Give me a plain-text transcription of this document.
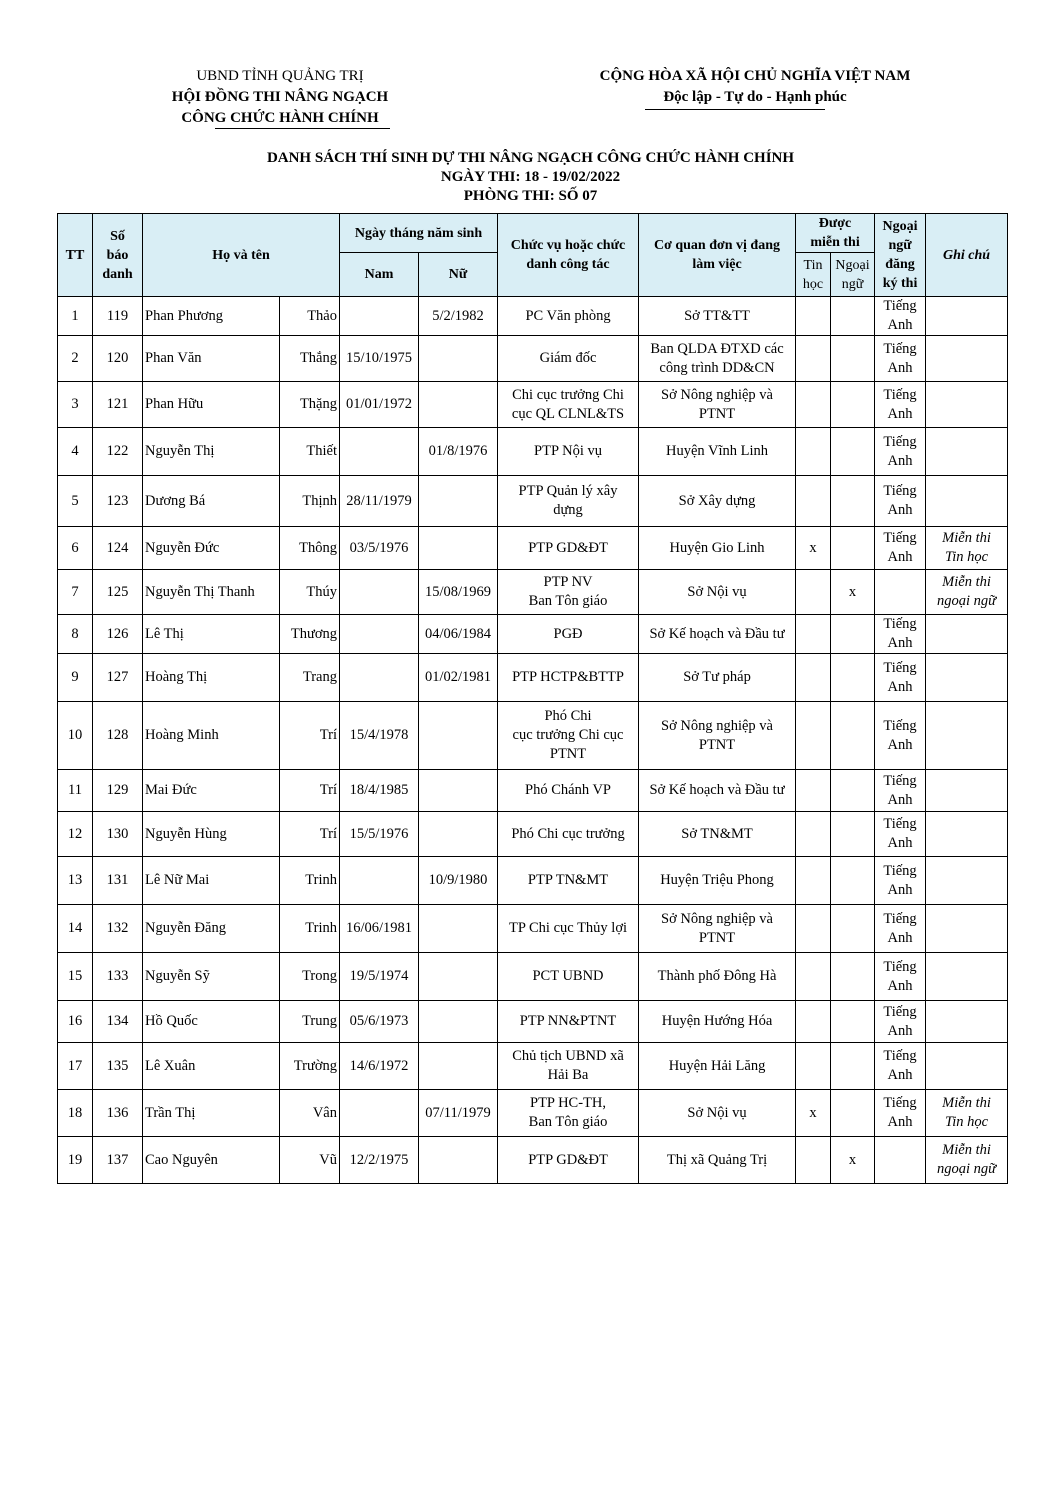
UBND TỈNH QUẢNG TRỊ
HỘI ĐỒNG THI NÂNG NGẠCH
CÔNG CHỨC HÀNH CHÍNH
CỘNG HÒA XÃ HỘI CHỦ NGHĨA VIỆT NAM
Độc lập - Tự do - Hạnh phúc
DANH SÁCH THÍ SINH DỰ THI NÂNG NGẠCH CÔNG CHỨC HÀNH CHÍNH
NGÀY THI: 18 - 19/02/2022
PHÒNG THI: SỐ 07
TT	Số
báo
danh	Họ và tên		Ngày tháng năm sinh		Chức vụ hoặc chức
danh công tác	Cơ quan đơn vị đang
làm việc	Được
miễn thi		Ngoại
ngữ
đăng
ký thi	Ghi chú
				Nam	Nữ			Tin
học	Ngoại
ngữ		
1	119	Phan Phương	Thảo		5/2/1982	PC Văn phòng	Sở TT&TT			Tiếng
Anh	
2	120	Phan Văn	Thắng	15/10/1975		Giám đốc	Ban QLDA ĐTXD các
công trình DD&CN			Tiếng
Anh	
3	121	Phan Hữu	Thặng	01/01/1972		Chi cục trưởng Chi
cục QL CLNL&TS	Sở Nông nghiệp và
PTNT			Tiếng
Anh	
4	122	Nguyễn Thị	Thiết		01/8/1976	PTP Nội vụ	Huyện Vĩnh Linh			Tiếng
Anh	
5	123	Dương Bá	Thịnh	28/11/1979		PTP Quản lý xây
dựng	Sở Xây dựng			Tiếng
Anh	
6	124	Nguyễn Đức	Thông	03/5/1976		PTP GD&ĐT	Huyện Gio Linh	x		Tiếng
Anh	Miễn thi
Tin học
7	125	Nguyễn Thị Thanh	Thúy		15/08/1969	PTP NV
Ban Tôn giáo	Sở Nội vụ		x		Miễn thi
ngoại ngữ
8	126	Lê Thị	Thương		04/06/1984	PGĐ	Sở Kế hoạch và Đầu tư			Tiếng
Anh	
9	127	Hoàng Thị	Trang		01/02/1981	PTP HCTP&BTTP	Sở Tư pháp			Tiếng
Anh	
10	128	Hoàng Minh	Trí	15/4/1978		Phó Chi
cục trưởng Chi cục
PTNT	Sở Nông nghiệp và
PTNT			Tiếng
Anh	
11	129	Mai Đức	Trí	18/4/1985		Phó Chánh VP	Sở Kế hoạch và Đầu tư			Tiếng
Anh	
12	130	Nguyễn Hùng	Trí	15/5/1976		Phó Chi cục trưởng	Sở TN&MT			Tiếng
Anh	
13	131	Lê Nữ Mai	Trinh		10/9/1980	PTP TN&MT	Huyện Triệu Phong			Tiếng
Anh	
14	132	Nguyễn Đăng	Trinh	16/06/1981		TP Chi cục Thủy lợi	Sở Nông nghiệp và
PTNT			Tiếng
Anh	
15	133	Nguyễn Sỹ	Trong	19/5/1974		PCT UBND	Thành phố Đông Hà			Tiếng
Anh	
16	134	Hồ Quốc	Trung	05/6/1973		PTP NN&PTNT	Huyện Hướng Hóa			Tiếng
Anh	
17	135	Lê Xuân	Trường	14/6/1972		Chủ tịch UBND xã
Hải Ba	Huyện Hải Lăng			Tiếng
Anh	
18	136	Trần Thị	Vân		07/11/1979	PTP HC-TH,
Ban Tôn giáo	Sở Nội vụ	x		Tiếng
Anh	Miễn thi
Tin học
19	137	Cao Nguyên	Vũ	12/2/1975		PTP GD&ĐT	Thị xã Quảng Trị		x		Miễn thi
ngoại ngữ
